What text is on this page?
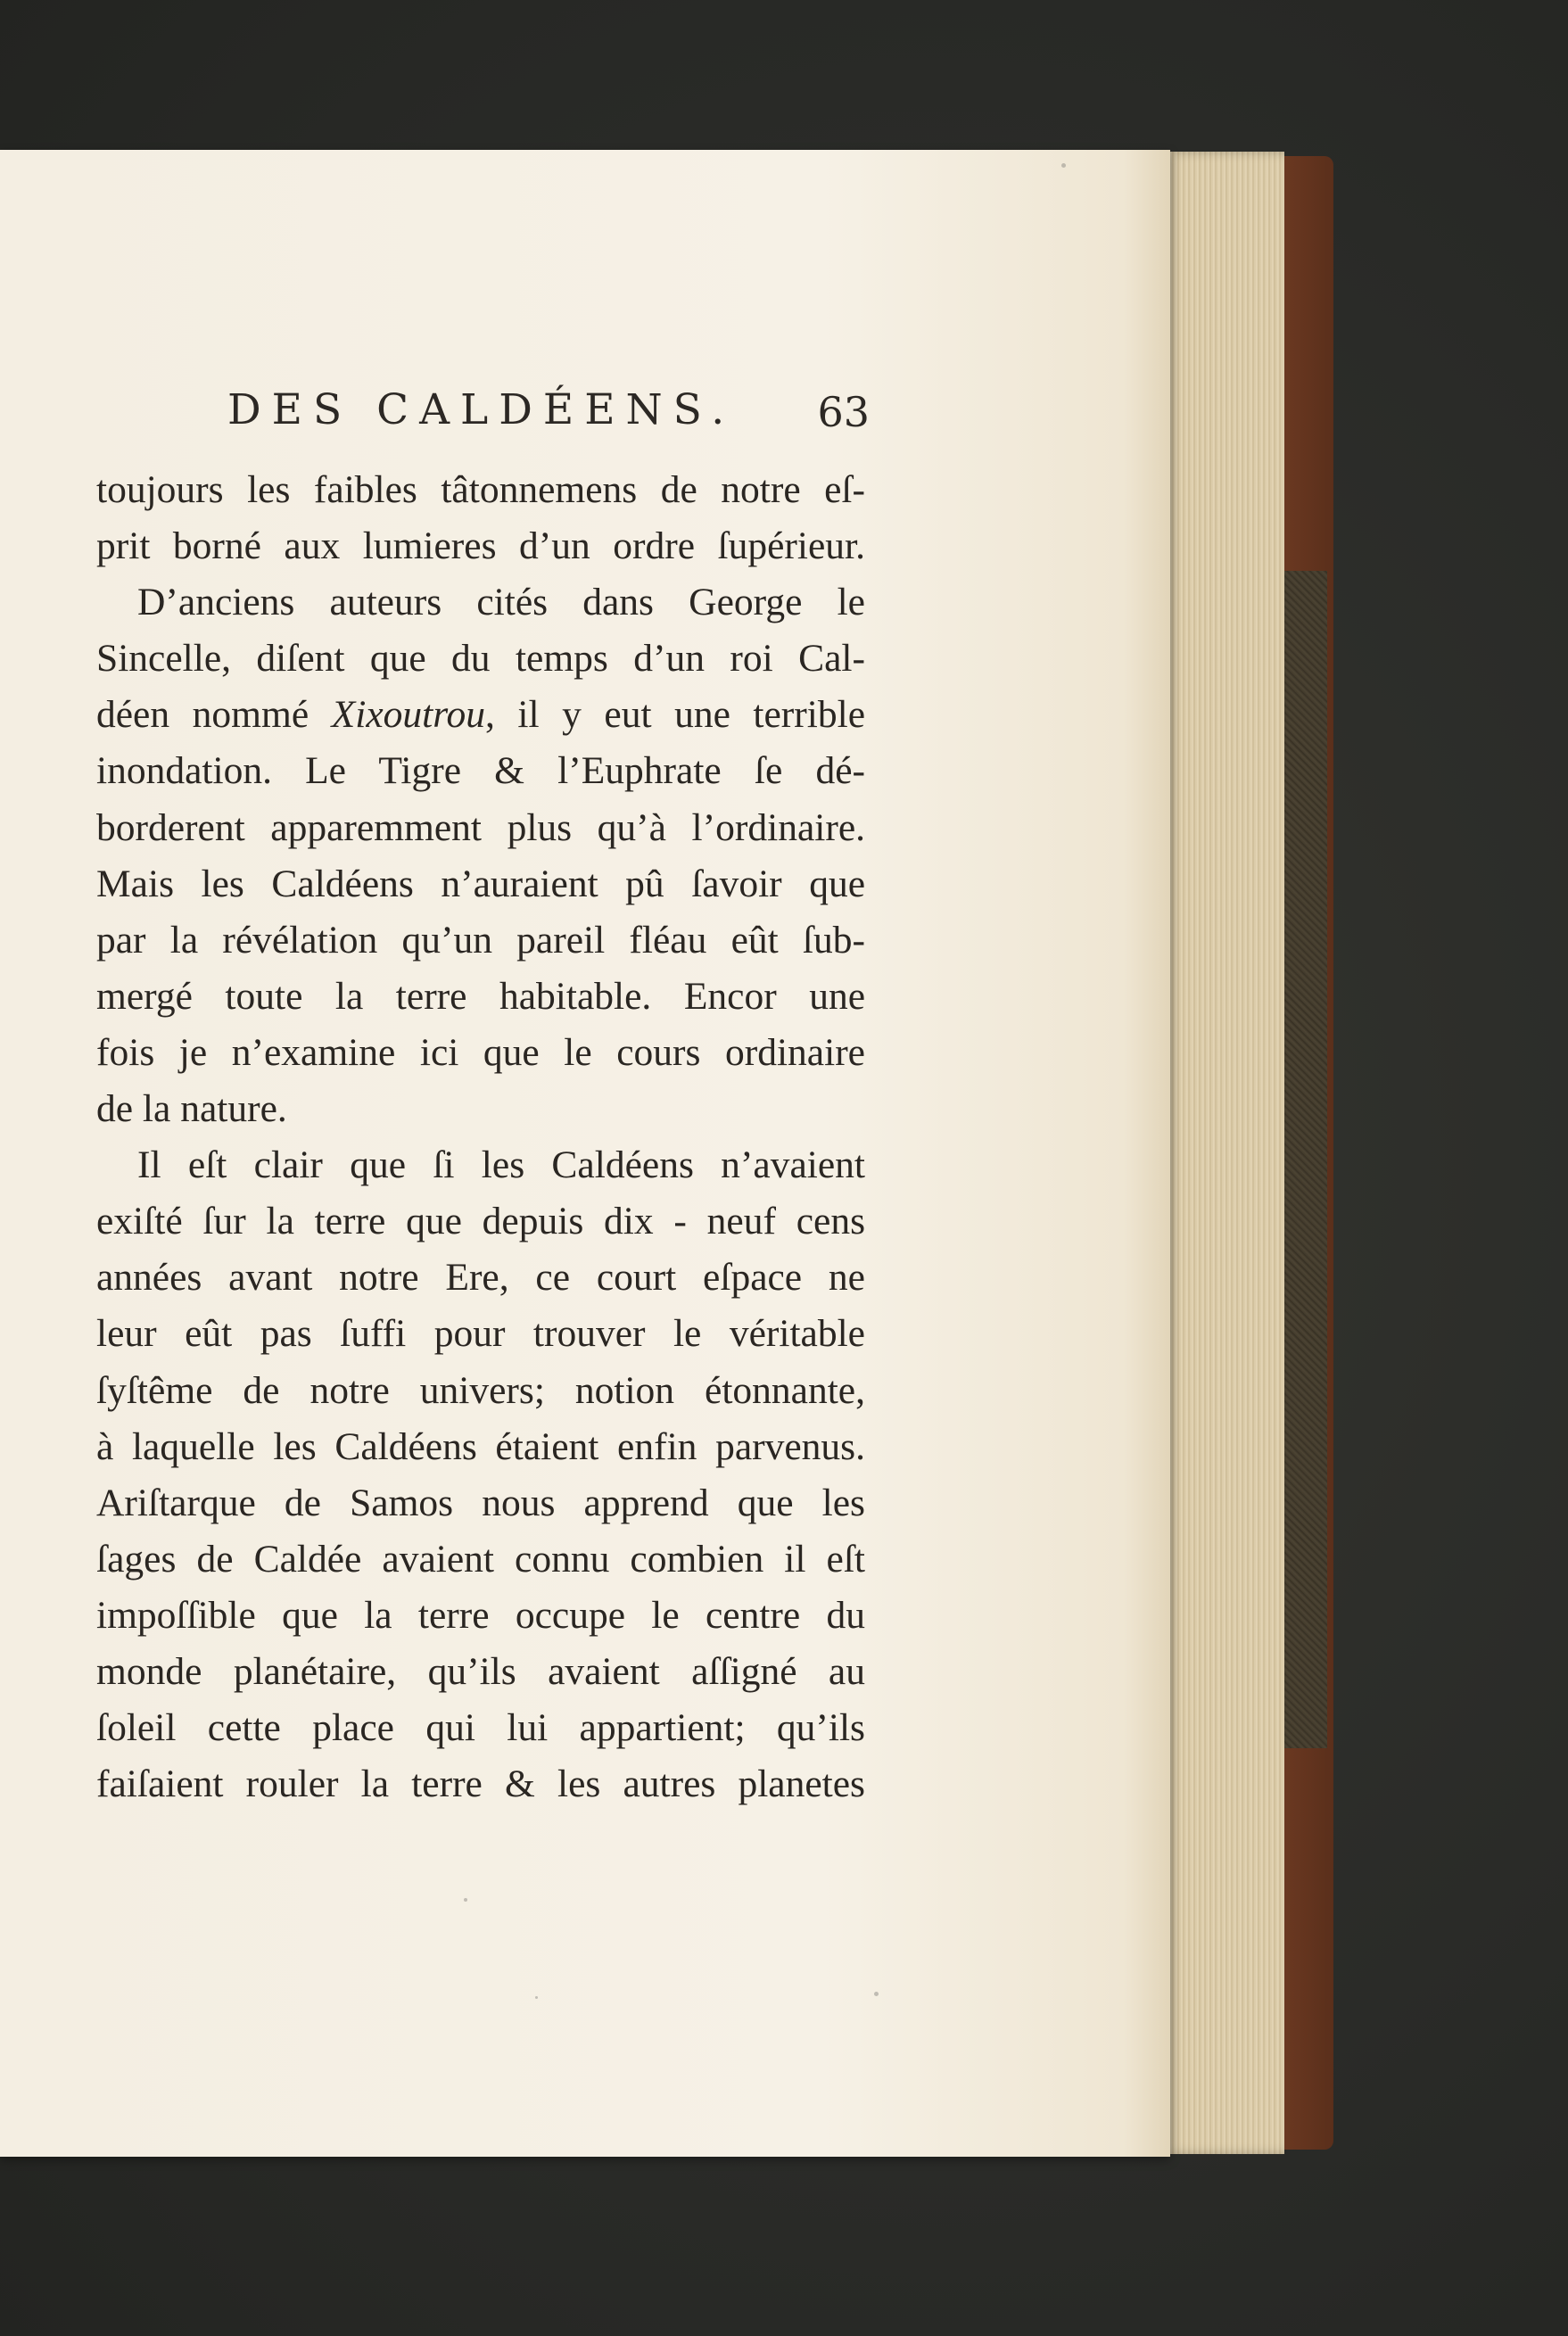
DES CALDÉENS. 63
toujours les faibles tâtonnemens de notre eſ-
prit borné aux lumieres d’un ordre ſupérieur.
D’anciens auteurs cités dans George le
Sincelle, diſent que du temps d’un roi Cal-
déen nommé Xixoutrou, il y eut une terrible
inondation. Le Tigre & l’Euphrate ſe dé-
borderent apparemment plus qu’à l’ordinaire.
Mais les Caldéens n’auraient pû ſavoir que
par la révélation qu’un pareil fléau eût ſub-
mergé toute la terre habitable. Encor une
fois je n’examine ici que le cours ordinaire
de la nature.
Il eſt clair que ſi les Caldéens n’avaient
exiſté ſur la terre que depuis dix - neuf cens
années avant notre Ere, ce court eſpace ne
leur eût pas ſuffi pour trouver le véritable
ſyſtême de notre univers; notion étonnante,
à laquelle les Caldéens étaient enfin parvenus.
Ariſtarque de Samos nous apprend que les
ſages de Caldée avaient connu combien il eſt
impoſſible que la terre occupe le centre du
monde planétaire, qu’ils avaient aſſigné au
ſoleil cette place qui lui appartient; qu’ils
faiſaient rouler la terre & les autres planetes
